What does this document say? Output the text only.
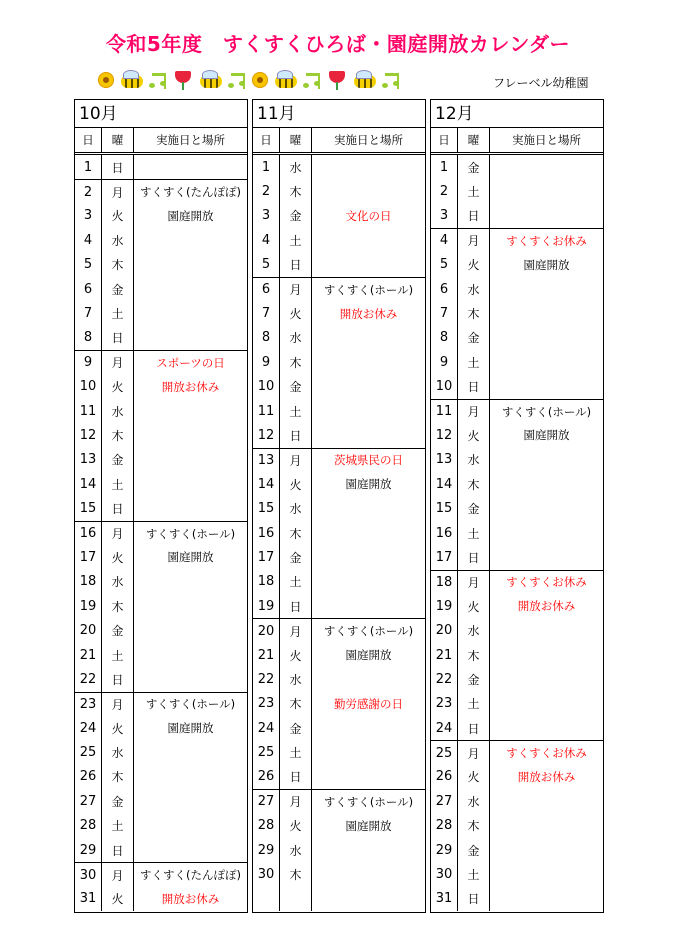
令和5年度　すくすくひろば・園庭開放カレンダー
フレーベル幼稚園
10月
日	曜	実施日と場所
1	日
2	月	すくすく(たんぽぽ)
3	火	園庭開放
4	水
5	木
6	金
7	土
8	日
9	月	スポーツの日
10	火	開放お休み
11	水
12	木
13	金
14	土
15	日
16	月	すくすく(ホール)
17	火	園庭開放
18	水
19	木
20	金
21	土
22	日
23	月	すくすく(ホール)
24	火	園庭開放
25	水
26	木
27	金
28	土
29	日
30	月	すくすく(たんぽぽ)
31	火	開放お休み
11月
日	曜	実施日と場所
1	水
2	木
3	金	文化の日
4	土
5	日
6	月	すくすく(ホール)
7	火	開放お休み
8	水
9	木
10	金
11	土
12	日
13	月	茨城県民の日
14	火	園庭開放
15	水
16	木
17	金
18	土
19	日
20	月	すくすく(ホール)
21	火	園庭開放
22	水
23	木	勤労感謝の日
24	金
25	土
26	日
27	月	すくすく(ホール)
28	火	園庭開放
29	水
30	木
12月
日	曜	実施日と場所
1	金
2	土
3	日
4	月	すくすくお休み
5	火	園庭開放
6	水
7	木
8	金
9	土
10	日
11	月	すくすく(ホール)
12	火	園庭開放
13	水
14	木
15	金
16	土
17	日
18	月	すくすくお休み
19	火	開放お休み
20	水
21	木
22	金
23	土
24	日
25	月	すくすくお休み
26	火	開放お休み
27	水
28	木
29	金
30	土
31	日
